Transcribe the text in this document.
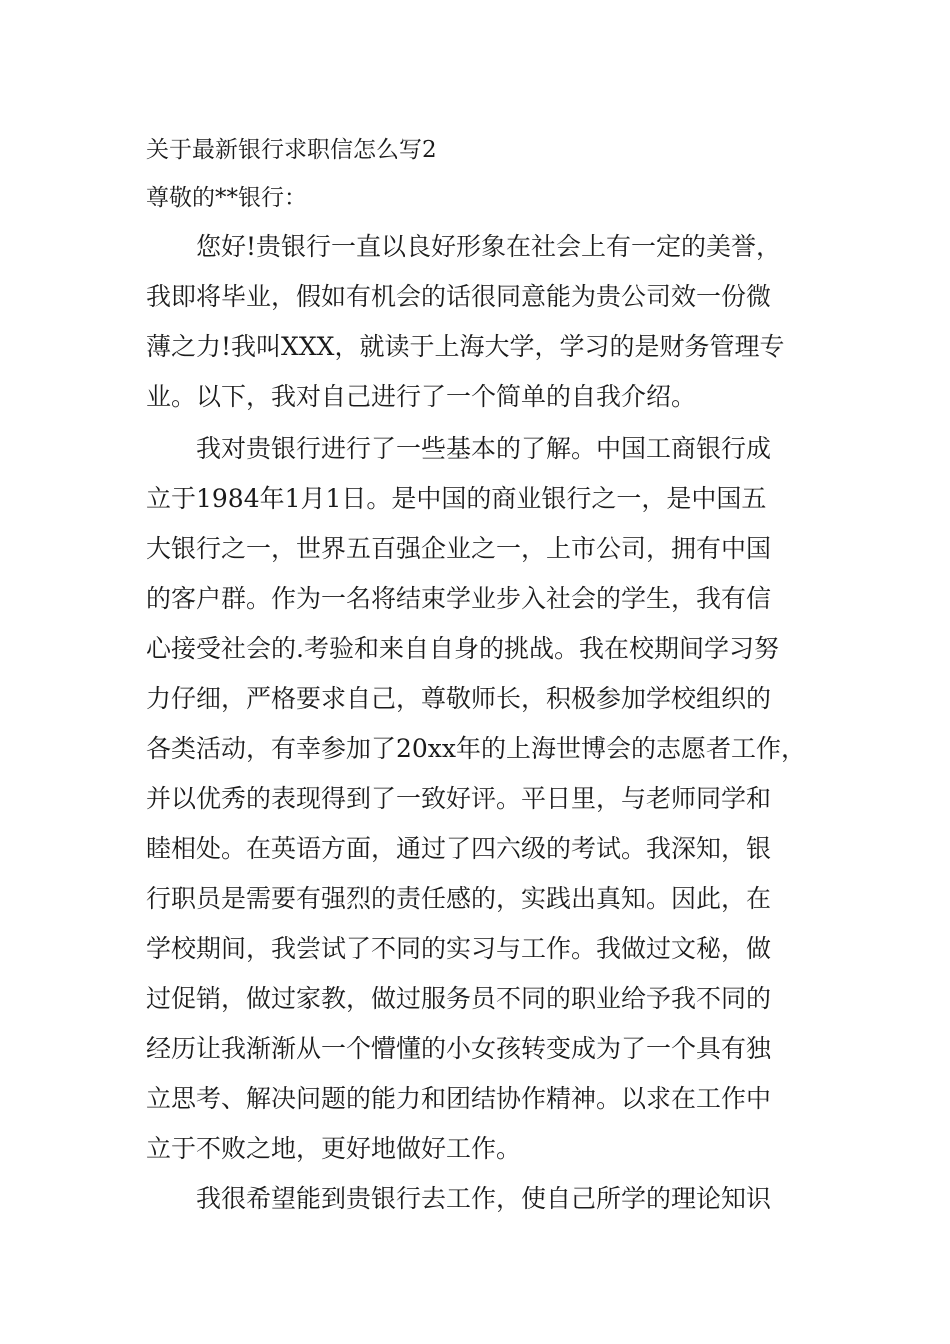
关于最新银行求职信怎么写2
尊敬的**银行：
您好!贵银行一直以良好形象在社会上有一定的美誉，
我即将毕业，假如有机会的话很同意能为贵公司效一份微
薄之力!我叫XXX，就读于上海大学，学习的是财务管理专
业。以下，我对自己进行了一个简单的自我介绍。
我对贵银行进行了一些基本的了解。中国工商银行成
立于1984年1月1日。是中国的商业银行之一，是中国五
大银行之一，世界五百强企业之一，上市公司，拥有中国
的客户群。作为一名将结束学业步入社会的学生，我有信
心接受社会的.考验和来自自身的挑战。我在校期间学习努
力仔细，严格要求自己，尊敬师长，积极参加学校组织的
各类活动，有幸参加了20xx年的上海世博会的志愿者工作，
并以优秀的表现得到了一致好评。平日里，与老师同学和
睦相处。在英语方面，通过了四六级的考试。我深知，银
行职员是需要有强烈的责任感的，实践出真知。因此，在
学校期间，我尝试了不同的实习与工作。我做过文秘，做
过促销，做过家教，做过服务员不同的职业给予我不同的
经历让我渐渐从一个懵懂的小女孩转变成为了一个具有独
立思考、解决问题的能力和团结协作精神。以求在工作中
立于不败之地，更好地做好工作。
我很希望能到贵银行去工作，使自己所学的理论知识
